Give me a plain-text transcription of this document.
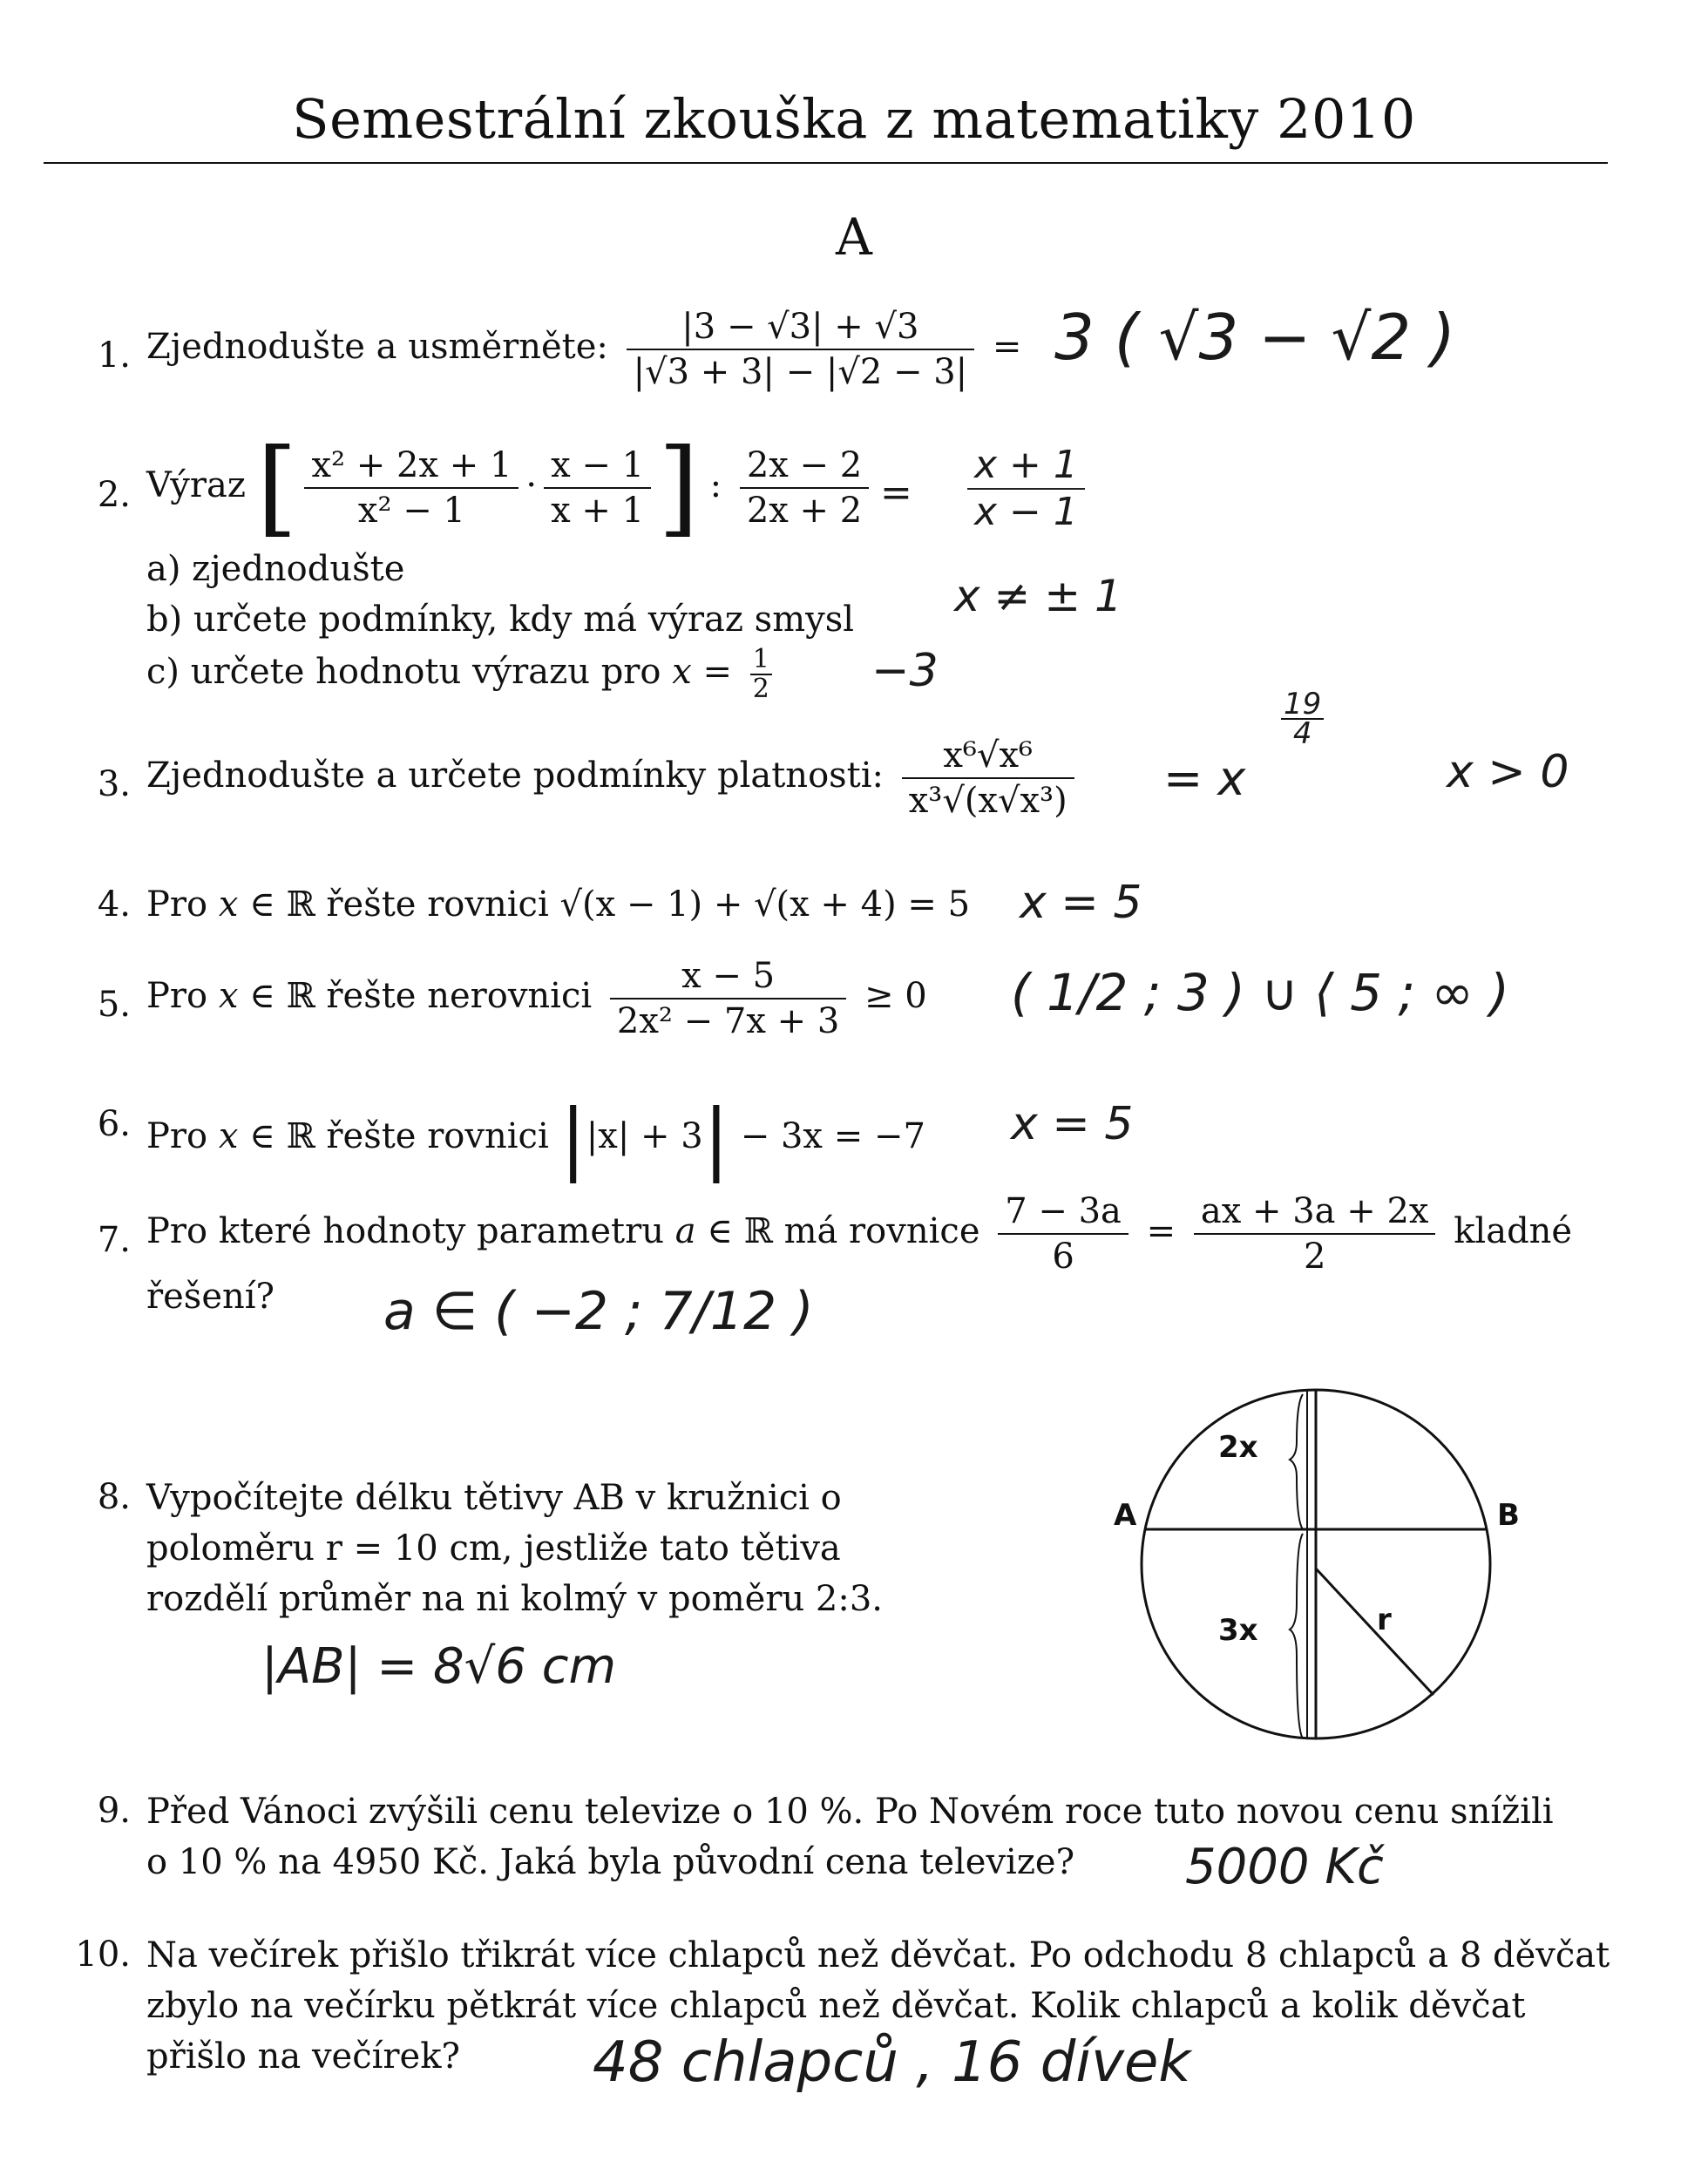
Semestrální zkouška z matematiky 2010
A
1. Zjednodušte a usměrněte: $\frac{|3 - √3| + √3}{|√3 + 3| - |√2 - 3|} = 3$ ( √3 − √2 )
2. Výraz [ $\frac{\text{x² + 2x + 1}}{\text{x² − 1}} \cdot \frac{x - 1}{x + 1}$ ] : $\frac{2x - 2}{2x + 2} = \frac{x + 1}{x - 1}$
a) zjednodušte
b) určete podmínky, kdy má výraz smysl
c) určete hodnotu výrazu pro $x = \frac{1}{2}$
x ≠ ± 1
−3
3. Zjednodušte a určete podmínky platnosti: $\frac{\text{x⁶√x⁶}}{\text{x³√(x√x³)}} = x$
$\frac{19}{4}$
x > 0
4. Pro x ∈ ℝ řešte rovnici √(x − 1) + √(x + 4) = 5 x = 5
5. Pro x ∈ ℝ řešte nerovnici $\frac{x - 5}{\text{2x² − 7x + 3}} \ge 0$ ( 1/2 ; 3 ) ∪ ⟨ 5 ; ∞ )
6. Pro x ∈ ℝ řešte rovnici ||x| + 3| − 3x = −7 x = 5
7. Pro které hodnoty parametru a ∈ ℝ má rovnice $\frac{7 - 3a}{6} = \frac{ax + 3a + 2x}{2}$ kladné
řešení? a ∈ ( −2 ; 7/12 )
8. Vypočítejte délku tětivy AB v kružnici o
poloměru r = 10 cm, jestliže tato tětiva
rozdělí průměr na ni kolmý v poměru 2:3.
|AB| = 8√6 cm
2x
3x	r
A	B
9. Před Vánoci zvýšili cenu televize o 10 %. Po Novém roce tuto novou cenu snížili
o 10 % na 4950 Kč. Jaká byla původní cena televize? 5000 Kč
10. Na večírek přišlo třikrát více chlapců než děvčat. Po odchodu 8 chlapců a 8 děvčat
zbylo na večírku pětkrát více chlapců než děvčat. Kolik chlapců a kolik děvčat
přišlo na večírek? 48 chlapců , 16 dívek
